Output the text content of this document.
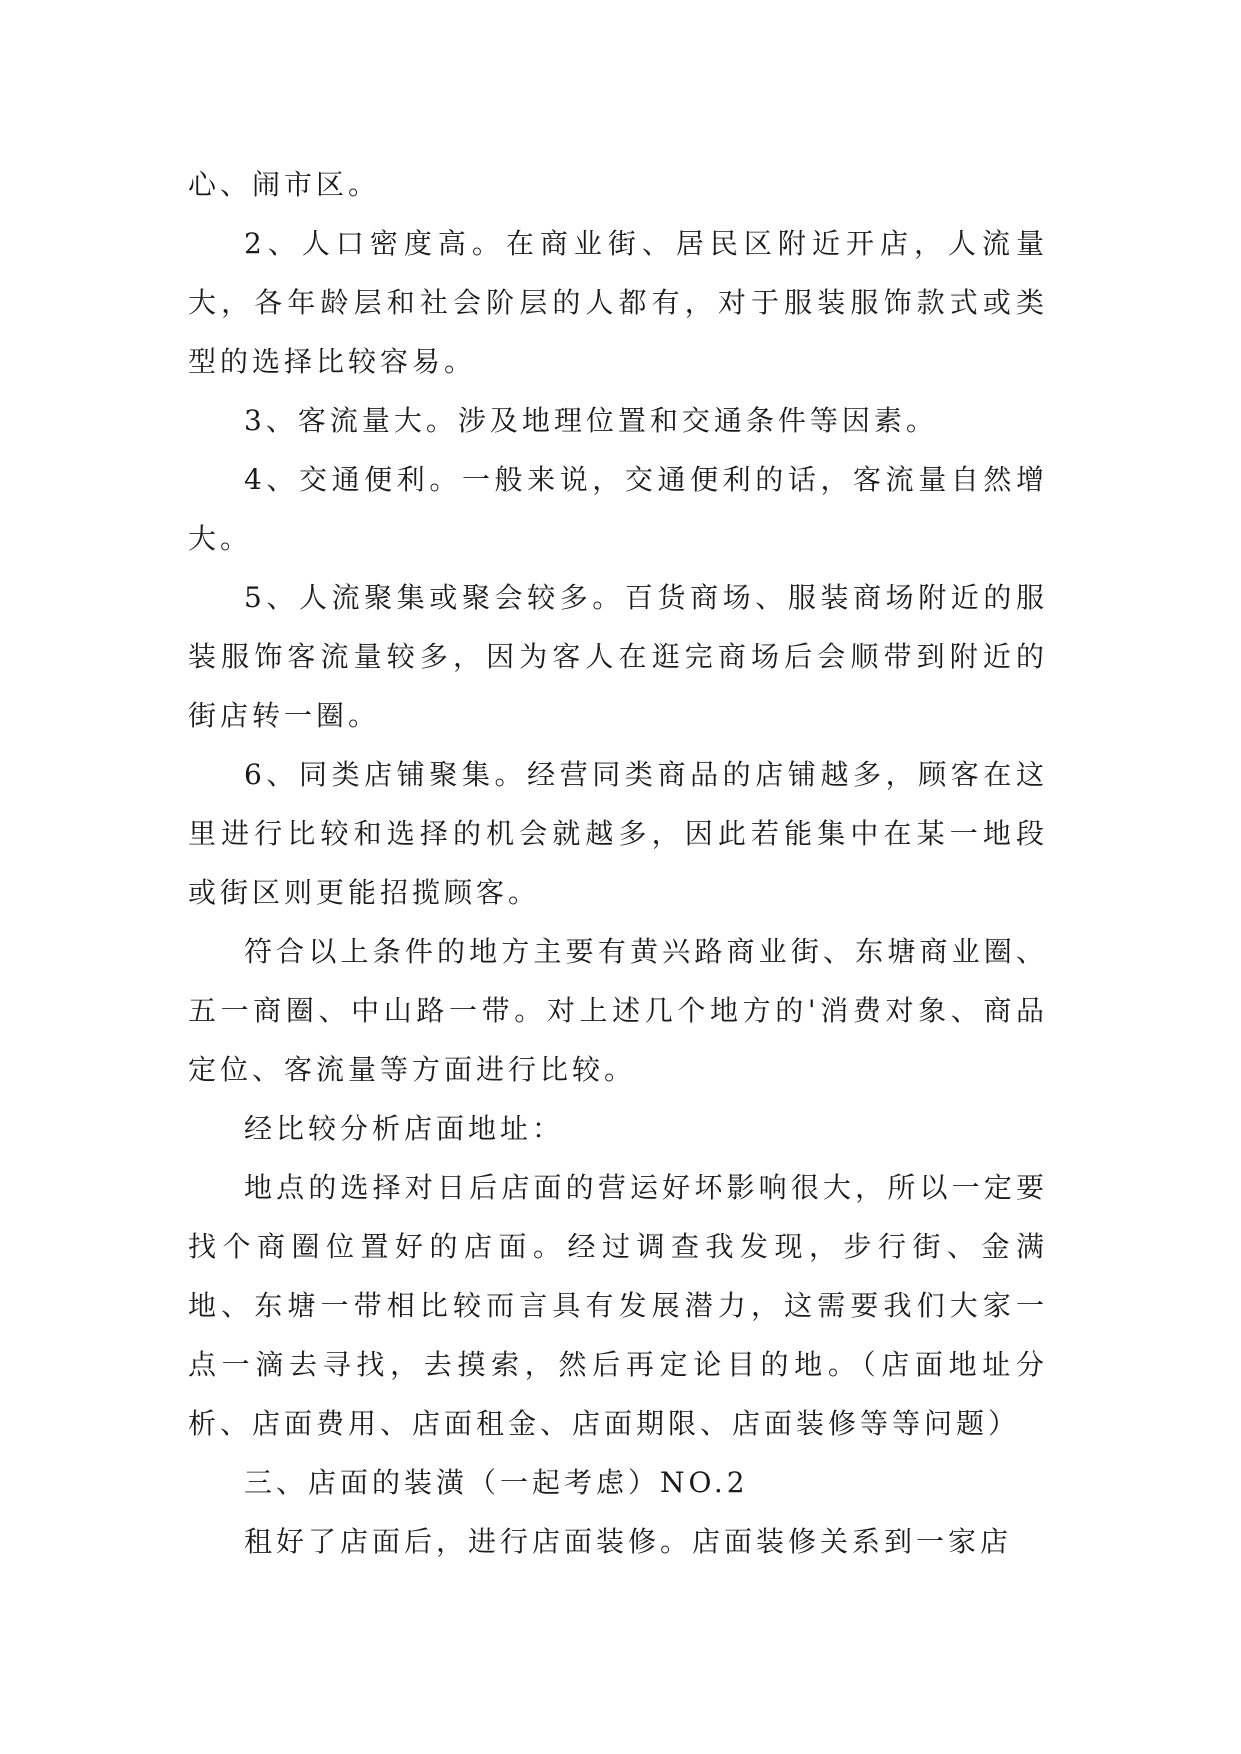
心、闹市区。

2、人口密度高。在商业街、居民区附近开店，人流量大，各年龄层和社会阶层的人都有，对于服装服饰款式或类型的选择比较容易。

3、客流量大。涉及地理位置和交通条件等因素。

4、交通便利。一般来说，交通便利的话，客流量自然增大。

5、人流聚集或聚会较多。百货商场、服装商场附近的服装服饰客流量较多，因为客人在逛完商场后会顺带到附近的街店转一圈。

6、同类店铺聚集。经营同类商品的店铺越多，顾客在这里进行比较和选择的机会就越多，因此若能集中在某一地段或街区则更能招揽顾客。

符合以上条件的地方主要有黄兴路商业街、东塘商业圈、五一商圈、中山路一带。对上述几个地方的'消费对象、商品定位、客流量等方面进行比较。

经比较分析店面地址：

地点的选择对日后店面的营运好坏影响很大，所以一定要找个商圈位置好的店面。经过调查我发现，步行街、金满地、东塘一带相比较而言具有发展潜力，这需要我们大家一点一滴去寻找，去摸索，然后再定论目的地。（店面地址分析、店面费用、店面租金、店面期限、店面装修等等问题）

三、店面的装潢（一起考虑）NO.2

租好了店面后，进行店面装修。店面装修关系到一家店
